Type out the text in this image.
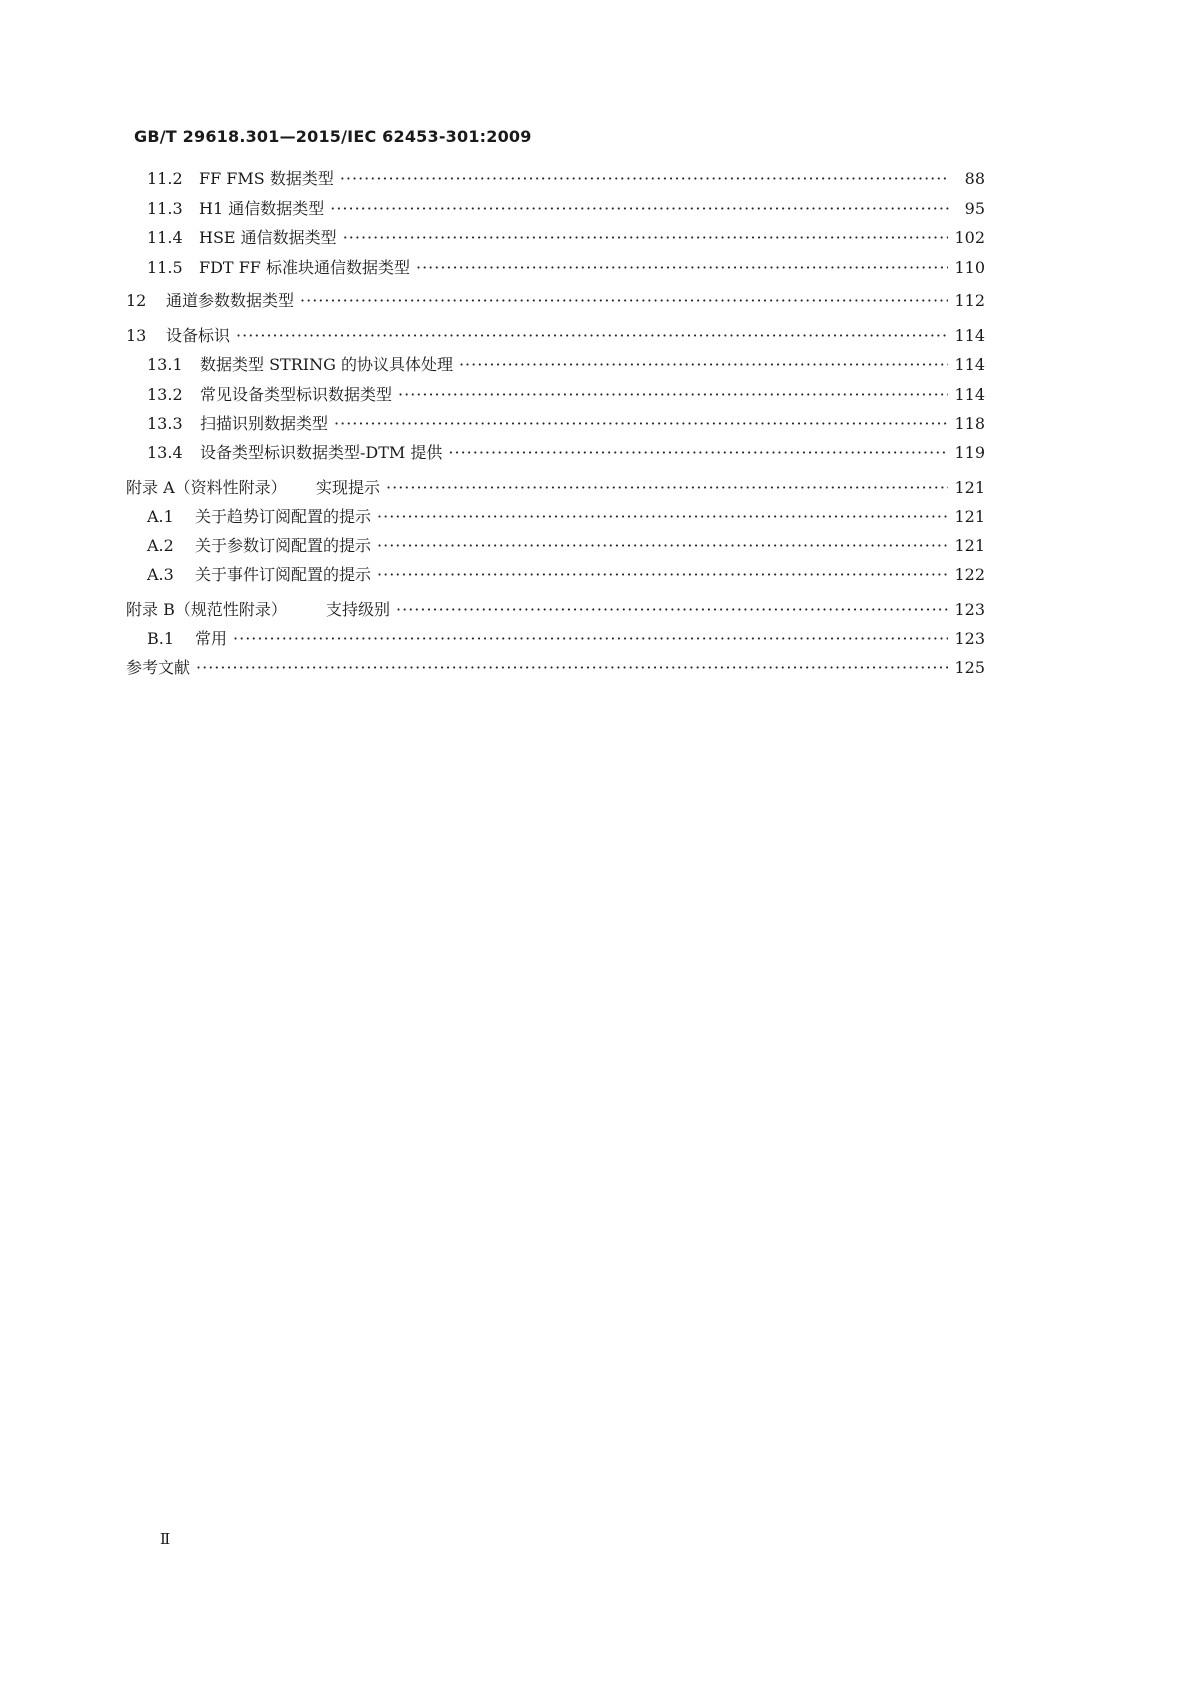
GB/T 29618.301—2015/IEC 62453-301:2009
11.2	FF FMS 数据类型 ·····	88
11.3	H1 通信数据类型 ·····	95
11.4	HSE 通信数据类型 ·····	102
11.5	FDT FF 标准块通信数据类型 ·····	110
12	通道参数数据类型 ·····	112
13	设备标识 ·····	114
13.1	数据类型 STRING 的协议具体处理 ·····	114
13.2	常见设备类型标识数据类型 ·····	114
13.3	扫描识别数据类型 ·····	118
13.4	设备类型标识数据类型-DTM 提供 ·····	119
附录 A（资料性附录）	实现提示 ·····	121
A.1	关于趋势订阅配置的提示 ·····	121
A.2	关于参数订阅配置的提示 ·····	121
A.3	关于事件订阅配置的提示 ·····	122
附录 B（规范性附录）	支持级别 ·····	123
B.1	常用 ·····	123
参考文献 ·····	125
Ⅱ
